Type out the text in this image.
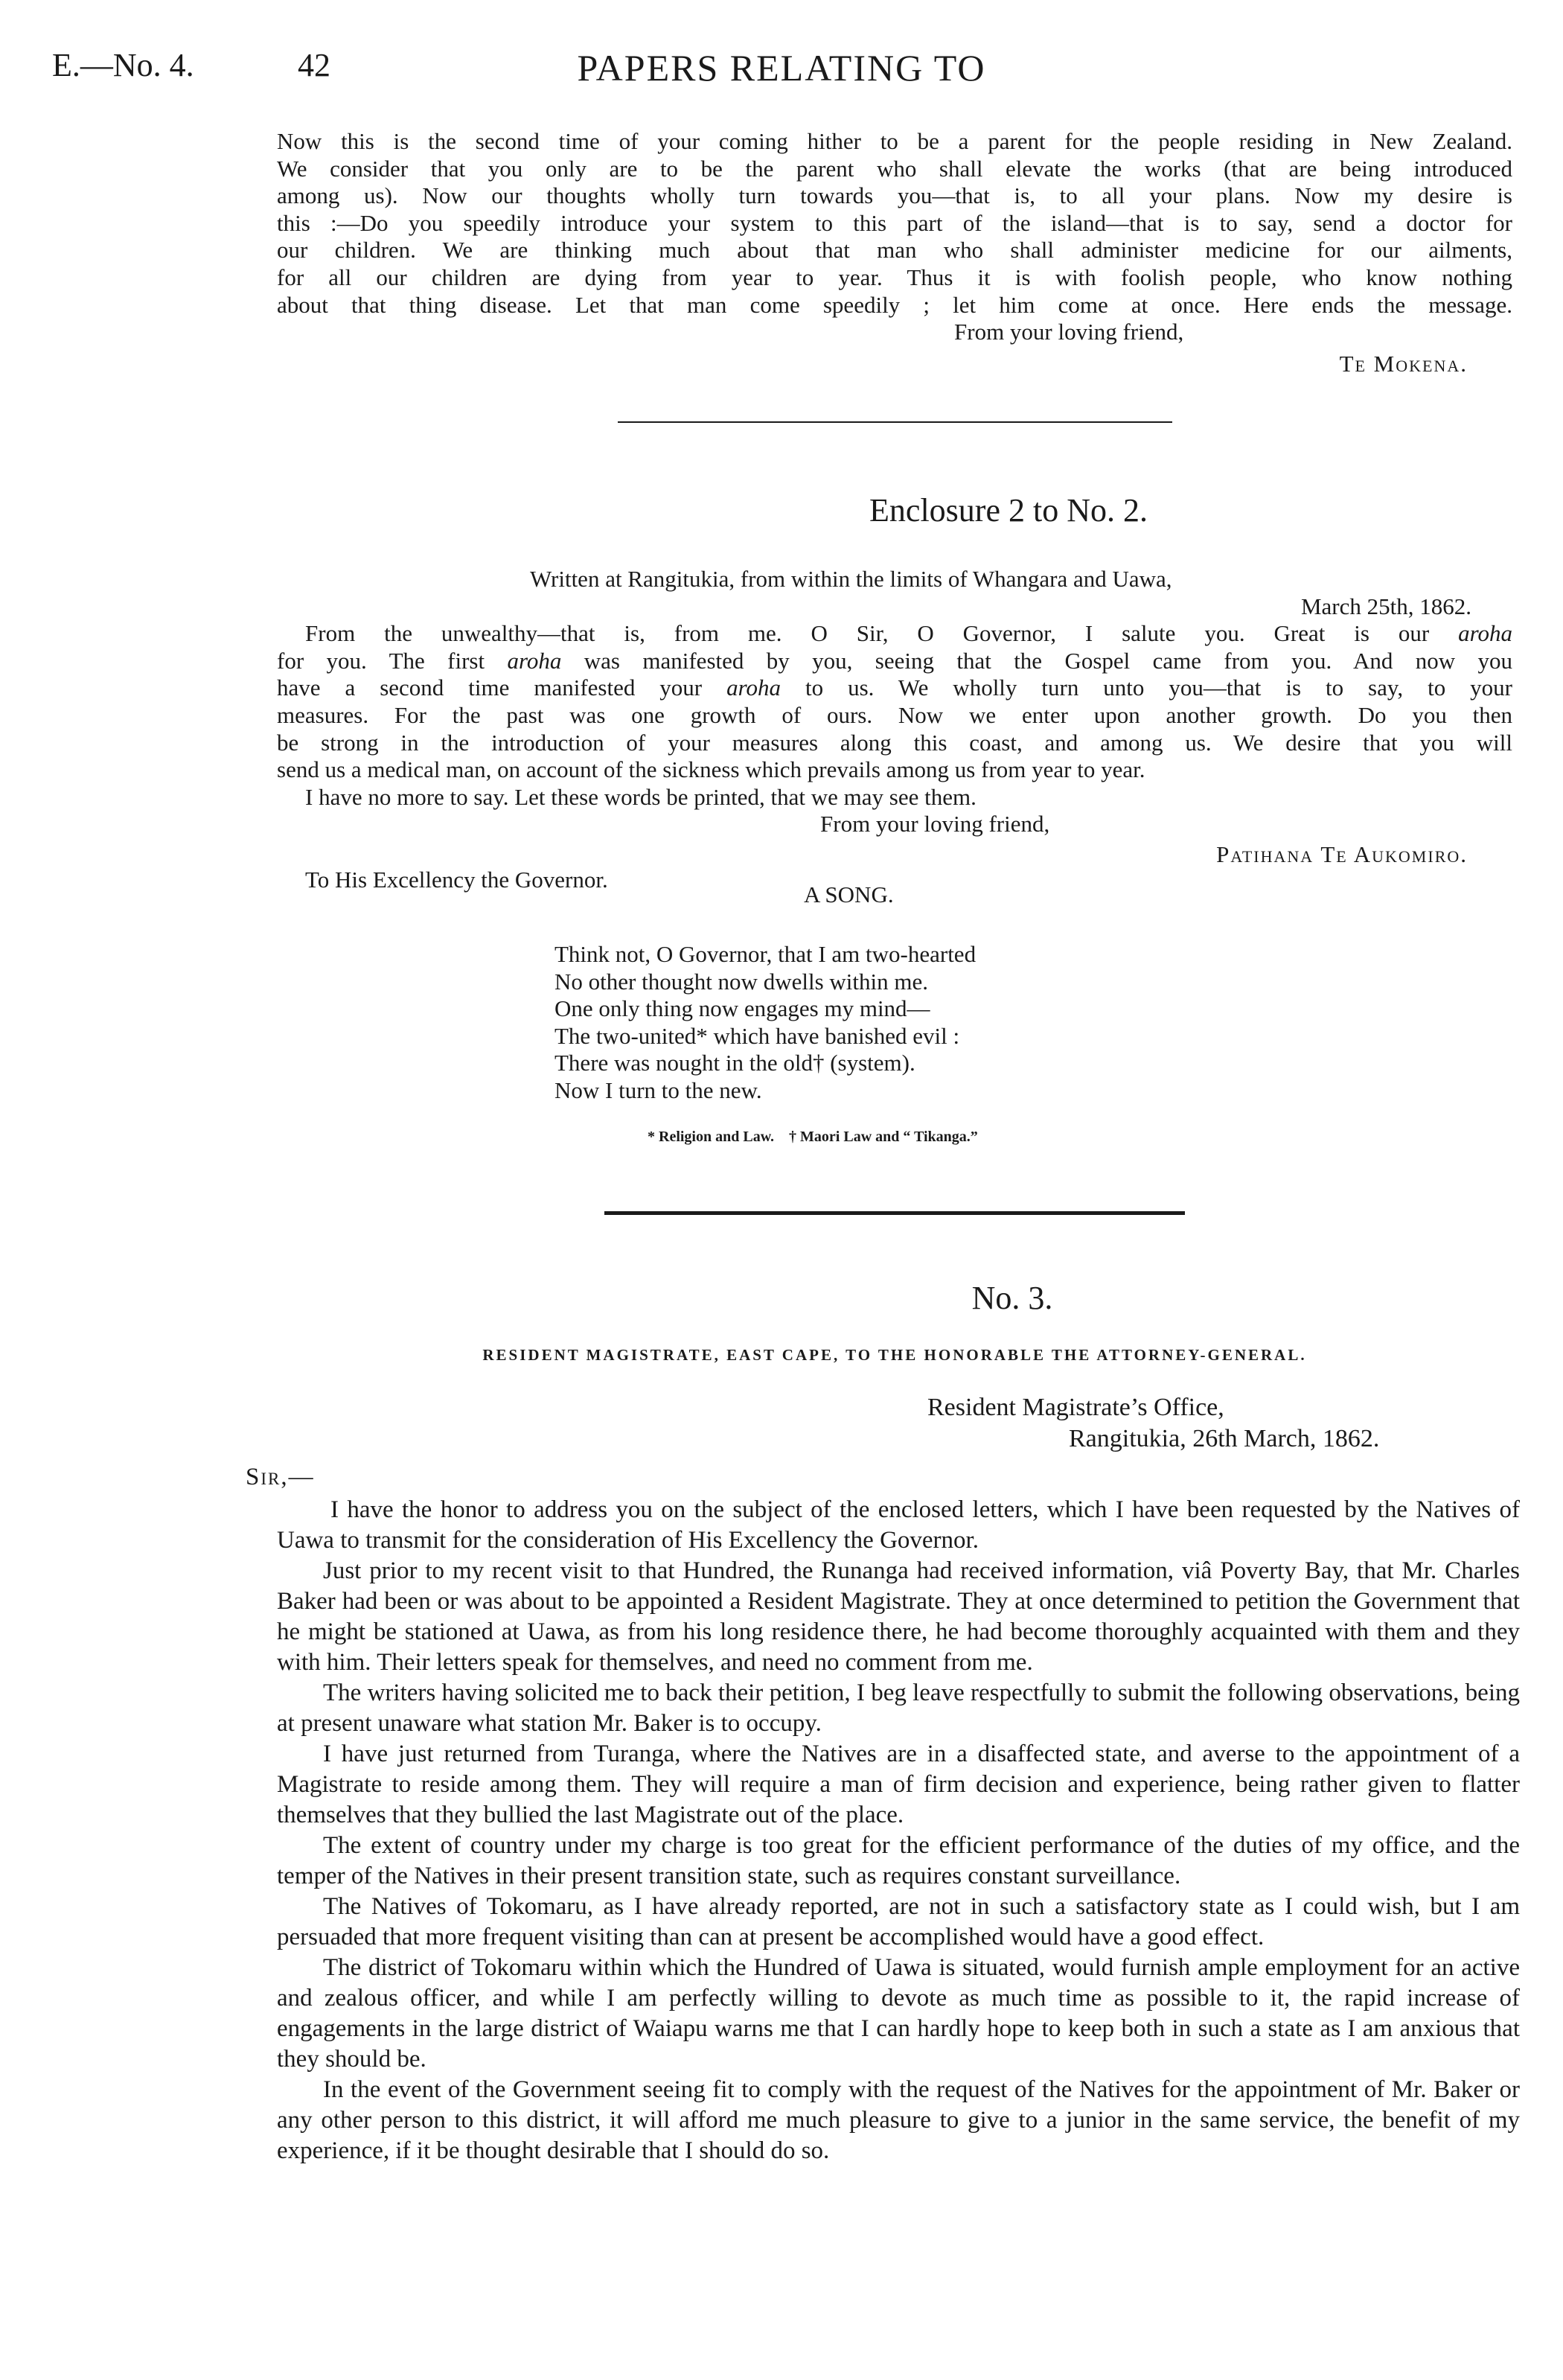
E.—No. 4.	42	PAPERS RELATING TO

Now this is the second time of your coming hither to be a parent for the people residing in New Zealand.

We consider that you only are to be the parent who shall elevate the works (that are being introduced

among us). Now our thoughts wholly turn towards you—that is, to all your plans. Now my desire is

this :—Do you speedily introduce your system to this part of the island—that is to say, send a doctor for

our children. We are thinking much about that man who shall administer medicine for our ailments,

for all our children are dying from year to year. Thus it is with foolish people, who know nothing

about that thing disease. Let that man come speedily ; let him come at once. Here ends the message.

From your loving friend,

Te Mokena.

Enclosure 2 to No. 2.

Written at Rangitukia, from within the limits of Whangara and Uawa,

March 25th, 1862.

From the unwealthy—that is, from me. O Sir, O Governor, I salute you. Great is our aroha

for you. The first aroha was manifested by you, seeing that the Gospel came from you. And now you

have a second time manifested your aroha to us. We wholly turn unto you—that is to say, to your

measures. For the past was one growth of ours. Now we enter upon another growth. Do you then

be strong in the introduction of your measures along this coast, and among us. We desire that you will

send us a medical man, on account of the sickness which prevails among us from year to year.

I have no more to say. Let these words be printed, that we may see them.

From your loving friend,

Patihana Te Aukomiro.

To His Excellency the Governor.
A SONG.

Think not, O Governor, that I am two-hearted

No other thought now dwells within me.

One only thing now engages my mind—

The two-united* which have banished evil :

There was nought in the old† (system).

Now I turn to the new.

* Religion and Law.    † Maori Law and “ Tikanga.”
No. 3.
RESIDENT MAGISTRATE, EAST CAPE, TO THE HONORABLE THE ATTORNEY-GENERAL.

Resident Magistrate’s Office,

Rangitukia, 26th March, 1862.

Sir,—

I have the honor to address you on the subject of the enclosed letters, which I have been requested by the Natives of Uawa to transmit for the consideration of His Excellency the Governor.

Just prior to my recent visit to that Hundred, the Runanga had received information, viâ Poverty Bay, that Mr. Charles Baker had been or was about to be appointed a Resident Magistrate. They at once determined to petition the Government that he might be stationed at Uawa, as from his long residence there, he had become thoroughly acquainted with them and they with him. Their letters speak for themselves, and need no comment from me.

The writers having solicited me to back their petition, I beg leave respectfully to submit the following observations, being at present unaware what station Mr. Baker is to occupy.

I have just returned from Turanga, where the Natives are in a disaffected state, and averse to the appointment of a Magistrate to reside among them. They will require a man of firm decision and experience, being rather given to flatter themselves that they bullied the last Magistrate out of the place.

The extent of country under my charge is too great for the efficient performance of the duties of my office, and the temper of the Natives in their present transition state, such as requires constant surveillance.

The Natives of Tokomaru, as I have already reported, are not in such a satisfactory state as I could wish, but I am persuaded that more frequent visiting than can at present be accomplished would have a good effect.

The district of Tokomaru within which the Hundred of Uawa is situated, would furnish ample employment for an active and zealous officer, and while I am perfectly willing to devote as much time as possible to it, the rapid increase of engagements in the large district of Waiapu warns me that I can hardly hope to keep both in such a state as I am anxious that they should be.

In the event of the Government seeing fit to comply with the request of the Natives for the appointment of Mr. Baker or any other person to this district, it will afford me much pleasure to give to a junior in the same service, the benefit of my experience, if it be thought desirable that I should do so.
